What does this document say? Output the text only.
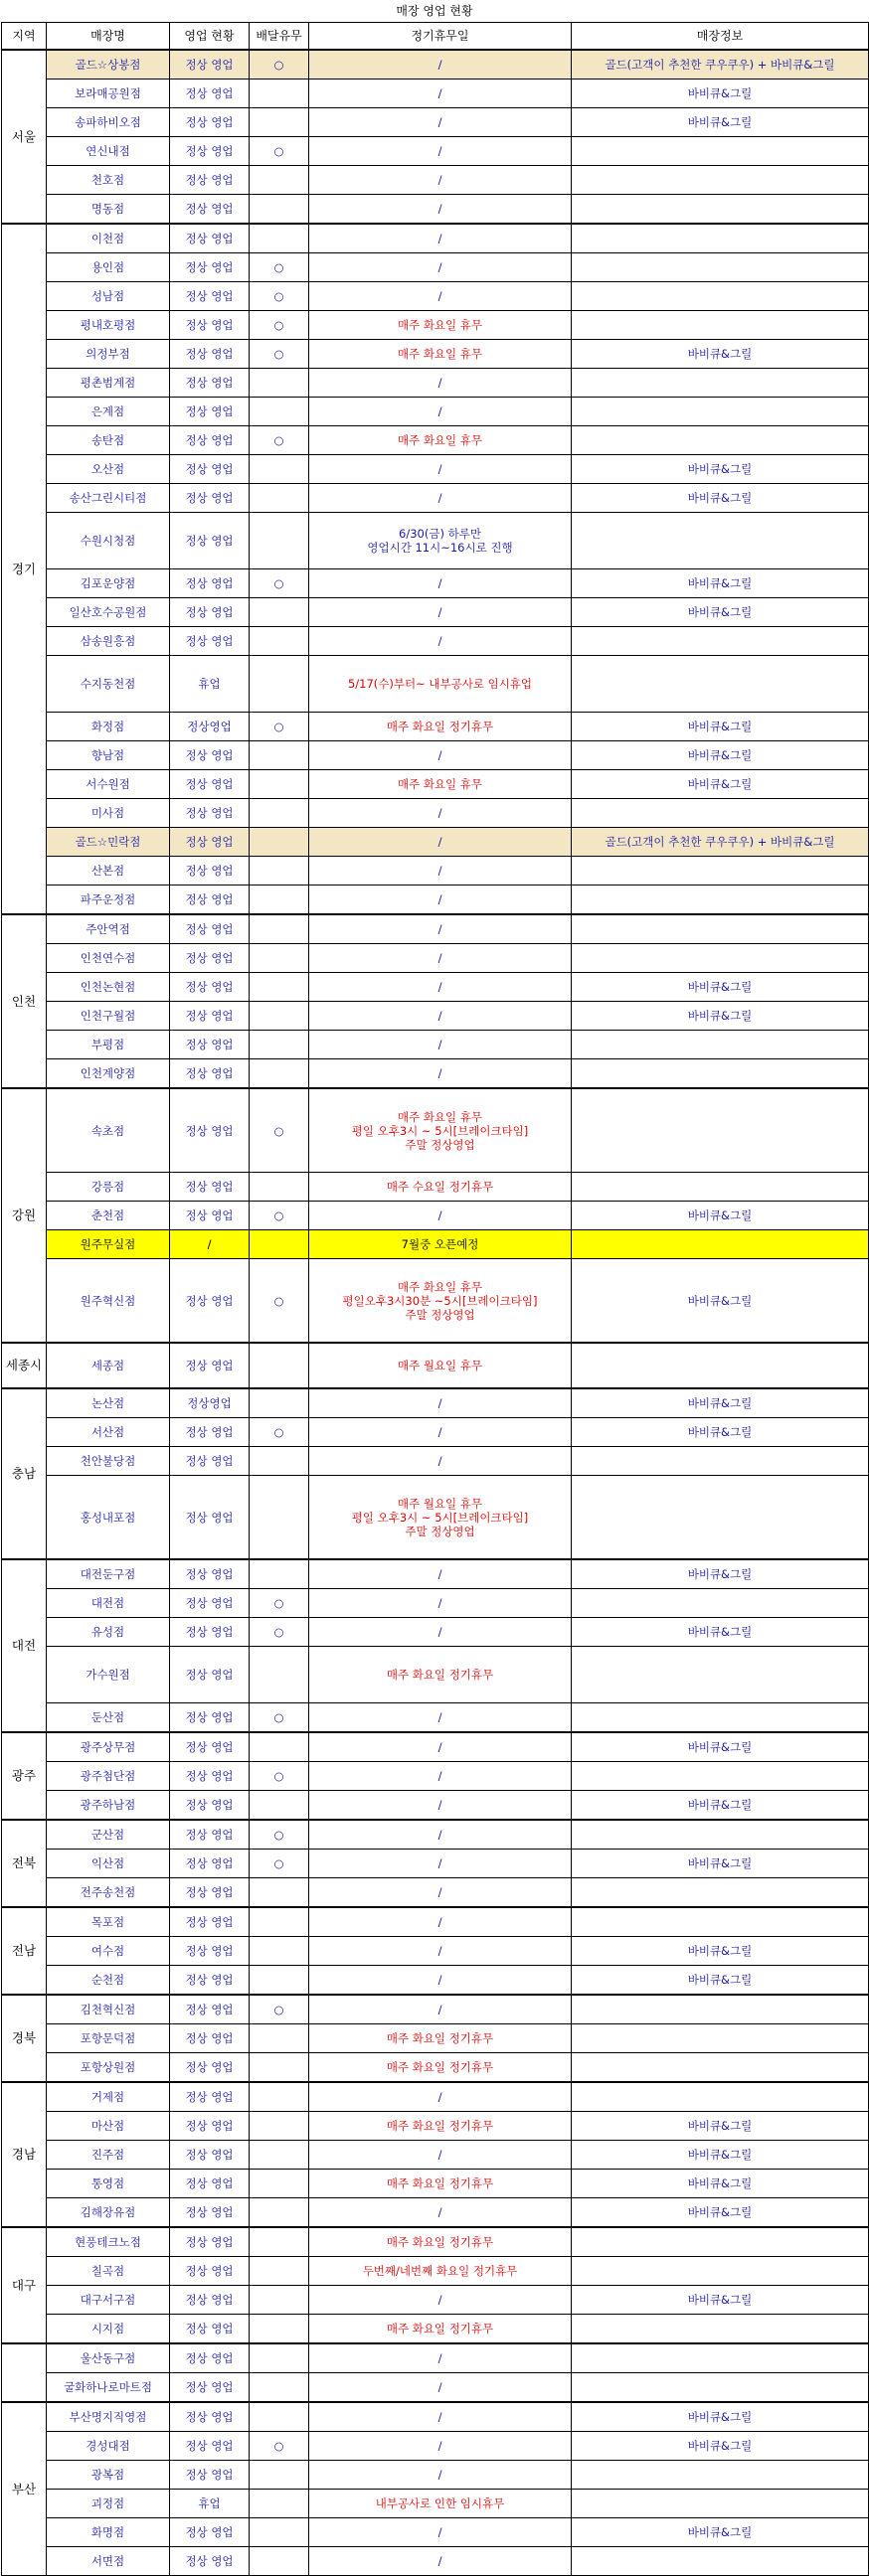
매장 영업 현황
지역	매장명	영업 현황	배달유무	정기휴무일	매장정보
서울	골드☆상봉점	정상 영업	○	/	골드(고객이 추천한 쿠우쿠우) + 바비큐&그릴
	보라매공원점	정상 영업		/	바비큐&그릴
	송파하비오점	정상 영업		/	바비큐&그릴
	연신내점	정상 영업	○	/	

	천호점	정상 영업		/	

	명동점	정상 영업		/	

경기	이천점	정상 영업		/	

	용인점	정상 영업	○	/	

	성남점	정상 영업	○	/	

	평내호평점	정상 영업	○	매주 화요일 휴무	

	의정부점	정상 영업	○	매주 화요일 휴무	바비큐&그릴
	평촌범계점	정상 영업		/	

	은계점	정상 영업		/	

	송탄점	정상 영업	○	매주 화요일 휴무	

	오산점	정상 영업		/	바비큐&그릴
	송산그린시티점	정상 영업		/	바비큐&그릴
	수원시청점	정상 영업		6/30(금) 하루만
영업시간 11시~16시로 진행	

	김포운양점	정상 영업	○	/	바비큐&그릴
	일산호수공원점	정상 영업		/	바비큐&그릴
	삼송원흥점	정상 영업		/	

	수지동천점	휴업		5/17(수)부터~ 내부공사로 임시휴업	

	화정점	정상영업	○	매주 화요일 정기휴무	바비큐&그릴
	향남점	정상 영업		/	바비큐&그릴
	서수원점	정상 영업		매주 화요일 휴무	바비큐&그릴
	미사점	정상 영업		/	

	골드☆민락점	정상 영업		/	골드(고객이 추천한 쿠우쿠우) + 바비큐&그릴
	산본점	정상 영업		/	

	파주운정점	정상 영업		/	

인천	주안역점	정상 영업		/	

	인천연수점	정상 영업		/	

	인천논현점	정상 영업		/	바비큐&그릴
	인천구월점	정상 영업		/	바비큐&그릴
	부평점	정상 영업		/	

	인천계양점	정상 영업		/	

강원	속초점	정상 영업	○	매주 화요일 휴무
평일 오후3시 ~ 5시[브레이크타임]
주말 정상영업	

	강릉점	정상 영업		매주 수요일 정기휴무	

	춘천점	정상 영업	○	/	바비큐&그릴
	원주무실점	/		7월중 오픈예정	

	원주혁신점	정상 영업	○	매주 화요일 휴무
평일오후3시30분 ~5시[브레이크타임]
주말 정상영업	바비큐&그릴
세종시	세종점	정상 영업		매주 월요일 휴무	

충남	논산점	정상영업		/	바비큐&그릴
	서산점	정상 영업	○	/	바비큐&그릴
	천안불당점	정상 영업		/	

	홍성내포점	정상 영업		매주 월요일 휴무
평일 오후3시 ~ 5시[브레이크타임]
주말 정상영업	

대전	대전둔구점	정상 영업		/	바비큐&그릴
	대전점	정상 영업	○	/	

	유성점	정상 영업	○	/	바비큐&그릴
	가수원점	정상 영업		매주 화요일 정기휴무	

	둔산점	정상 영업	○	/	

광주	광주상무점	정상 영업		/	바비큐&그릴
	광주첨단점	정상 영업	○	/	

	광주하남점	정상 영업		/	바비큐&그릴
전북	군산점	정상 영업	○	/	

	익산점	정상 영업	○	/	바비큐&그릴
	전주송천점	정상 영업		/	

전남	목포점	정상 영업		/	

	여수점	정상 영업		/	바비큐&그릴
	순천점	정상 영업		/	바비큐&그릴
경북	김천혁신점	정상 영업	○	/	

	포항문덕점	정상 영업		매주 화요일 정기휴무	

	포항상원점	정상 영업		매주 화요일 정기휴무	

경남	거제점	정상 영업		/	

	마산점	정상 영업		매주 화요일 정기휴무	바비큐&그릴
	진주점	정상 영업		/	바비큐&그릴
	통영점	정상 영업		매주 화요일 정기휴무	바비큐&그릴
	김해장유점	정상 영업		/	바비큐&그릴
대구	현풍테크노점	정상 영업		매주 화요일 정기휴무	

	칠곡점	정상 영업		두번째/네번째 화요일 정기휴무	

	대구서구점	정상 영업		/	바비큐&그릴
	시지점	정상 영업		매주 화요일 정기휴무	

	울산동구점	정상 영업		/	

	굴화하나로마트점	정상 영업		/	

부산	부산명지직영점	정상 영업		/	바비큐&그릴
	경성대점	정상 영업	○	/	바비큐&그릴
	광복점	정상 영업		/	

	괴정점	휴업		내부공사로 인한 임시휴무	

	화명점	정상 영업		/	바비큐&그릴
	서면점	정상 영업		/	
